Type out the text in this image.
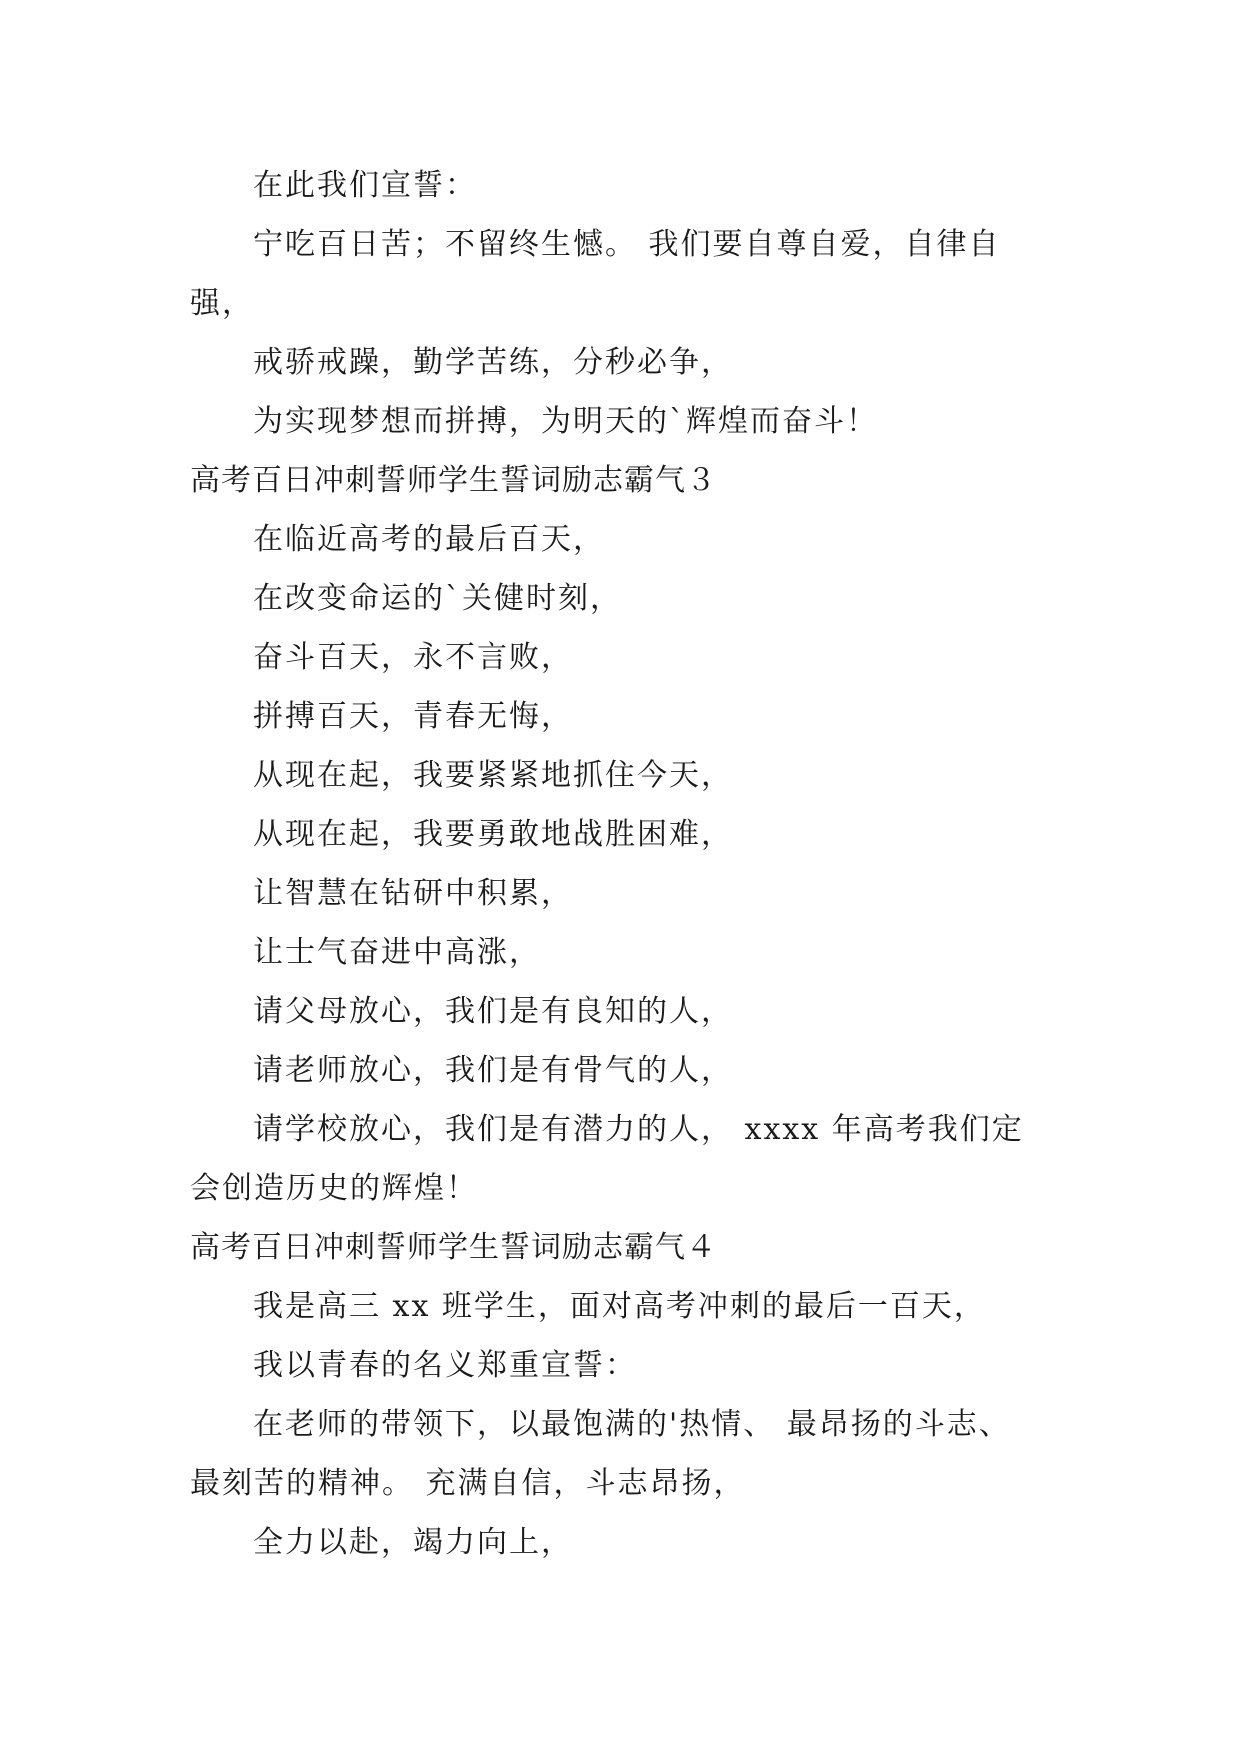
在此我们宣誓：
宁吃百日苦；不留终生憾。 我们要自尊自爱，自律自
强，
戒骄戒躁，勤学苦练，分秒必争，
为实现梦想而拼搏，为明天的`辉煌而奋斗！
高考百日冲刺誓师学生誓词励志霸气３
在临近高考的最后百天，
在改变命运的`关健时刻，
奋斗百天，永不言败，
拼搏百天，青春无悔，
从现在起，我要紧紧地抓住今天，
从现在起，我要勇敢地战胜困难，
让智慧在钻研中积累，
让士气奋进中高涨，
请父母放心，我们是有良知的人，
请老师放心，我们是有骨气的人，
请学校放心，我们是有潜力的人， xxxx 年高考我们定
会创造历史的辉煌！
高考百日冲刺誓师学生誓词励志霸气４
我是高三 xx 班学生，面对高考冲刺的最后一百天，
我以青春的名义郑重宣誓：
在老师的带领下，以最饱满的'热情、 最昂扬的斗志、
最刻苦的精神。 充满自信，斗志昂扬，
全力以赴，竭力向上，
